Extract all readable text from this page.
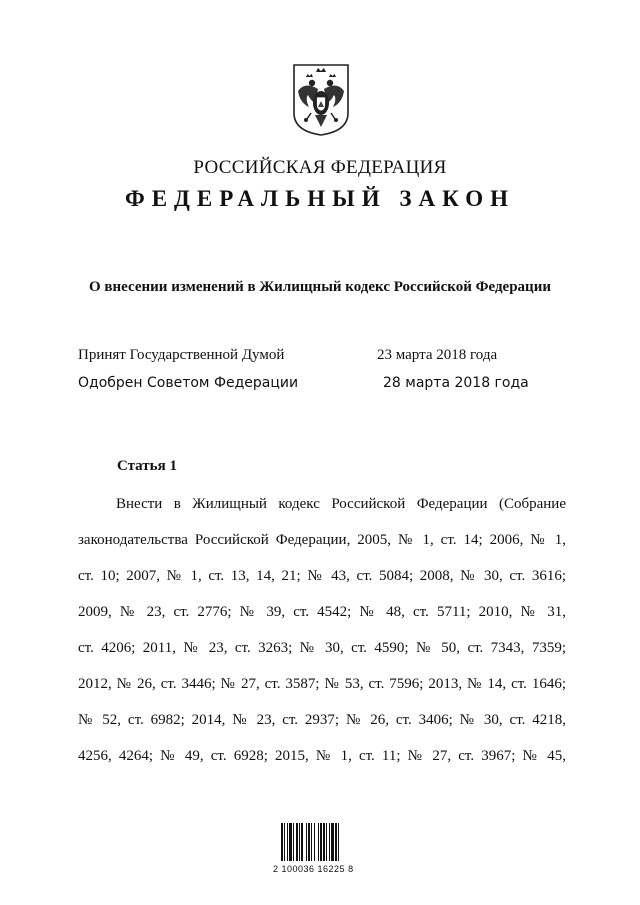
РОССИЙСКАЯ ФЕДЕРАЦИЯ
ФЕДЕРАЛЬНЫЙ ЗАКОН
О внесении изменений в Жилищный кодекс Российской Федерации
Принят Государственной Думой	23 марта 2018 года
Одобрен Советом Федерации	28 марта 2018 года
Статья 1
Внести в Жилищный кодекс Российской Федерации (Собрание
законодательства Российской Федерации, 2005, № 1, ст. 14; 2006, № 1,
ст. 10; 2007, № 1, ст. 13, 14, 21; № 43, ст. 5084; 2008, № 30, ст. 3616;
2009, № 23, ст. 2776; № 39, ст. 4542; № 48, ст. 5711; 2010, № 31,
ст. 4206; 2011, № 23, ст. 3263; № 30, ст. 4590; № 50, ст. 7343, 7359;
2012, № 26, ст. 3446; № 27, ст. 3587; № 53, ст. 7596; 2013, № 14, ст. 1646;
№ 52, ст. 6982; 2014, № 23, ст. 2937; № 26, ст. 3406; № 30, ст. 4218,
4256, 4264; № 49, ст. 6928; 2015, № 1, ст. 11; № 27, ст. 3967; № 45,
2 100036 16225 8
